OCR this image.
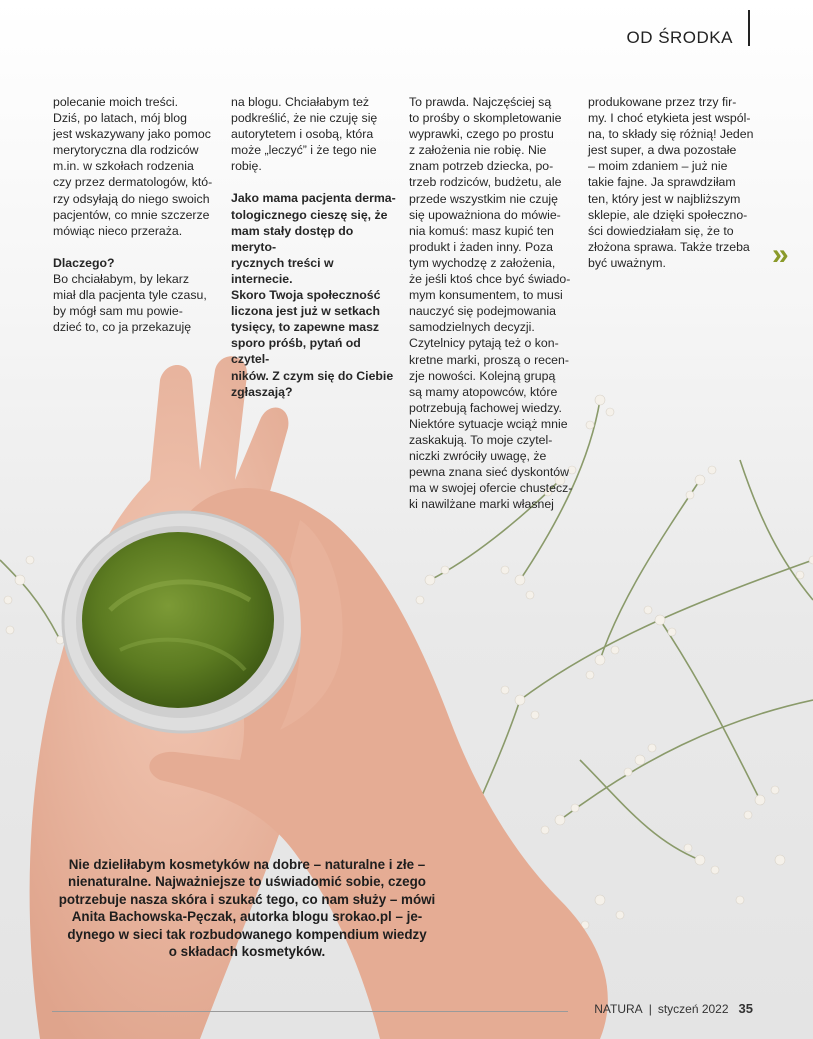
OD ŚRODKA

polecanie moich treści.

Dziś, po latach, mój blog

jest wskazywany jako pomoc

merytoryczna dla rodziców

m.in. w szkołach rodzenia

czy przez dermatologów, któ-

rzy odsyłają do niego swoich

pacjentów, co mnie szczerze

mówiąc nieco przeraża.

Dlaczego?

Bo chciałabym, by lekarz

miał dla pacjenta tyle czasu,

by mógł sam mu powie-

dzieć to, co ja przekazuję

na blogu. Chciałabym też

podkreślić, że nie czuję się

autorytetem i osobą, która

może „leczyć” i że tego nie

robię.

Jako mama pacjenta derma-

tologicznego cieszę się, że

mam stały dostęp do meryto-

rycznych treści w internecie.

Skoro Twoja społeczność

liczona jest już w setkach

tysięcy, to zapewne masz

sporo próśb, pytań od czytel-

ników. Z czym się do Ciebie

zgłaszają?

To prawda. Najczęściej są

to prośby o skompletowanie

wyprawki, czego po prostu

z założenia nie robię. Nie

znam potrzeb dziecka, po-

trzeb rodziców, budżetu, ale

przede wszystkim nie czuję

się upoważniona do mówie-

nia komuś: masz kupić ten

produkt i żaden inny. Poza

tym wychodzę z założenia,

że jeśli ktoś chce być świado-

mym konsumentem, to musi

nauczyć się podejmowania

samodzielnych decyzji.

Czytelnicy pytają też o kon-

kretne marki, proszą o recen-

zje nowości. Kolejną grupą

są mamy atopowców, które

potrzebują fachowej wiedzy.

Niektóre sytuacje wciąż mnie

zaskakują. To moje czytel-

niczki zwróciły uwagę, że

pewna znana sieć dyskontów

ma w swojej ofercie chustecz-

ki nawilżane marki własnej

produkowane przez trzy fir-

my. I choć etykieta jest wspól-

na, to składy się różnią! Jeden

jest super, a dwa pozostałe

– moim zdaniem – już nie

takie fajne. Ja sprawdziłam

ten, który jest w najbliższym

sklepie, ale dzięki społeczno-

ści dowiedziałam się, że to

złożona sprawa. Także trzeba

być uważnym.	»
Nie dzieliłabym kosmetyków na dobre – naturalne i złe –
nienaturalne. Najważniejsze to uświadomić sobie, czego
potrzebuje nasza skóra i szukać tego, co nam służy – mówi
Anita Bachowska-Pęczak, autorka blogu srokao.pl – je-
dynego w sieci tak rozbudowanego kompendium wiedzy
o składach kosmetyków.
NATURA | styczeń 2022 35
